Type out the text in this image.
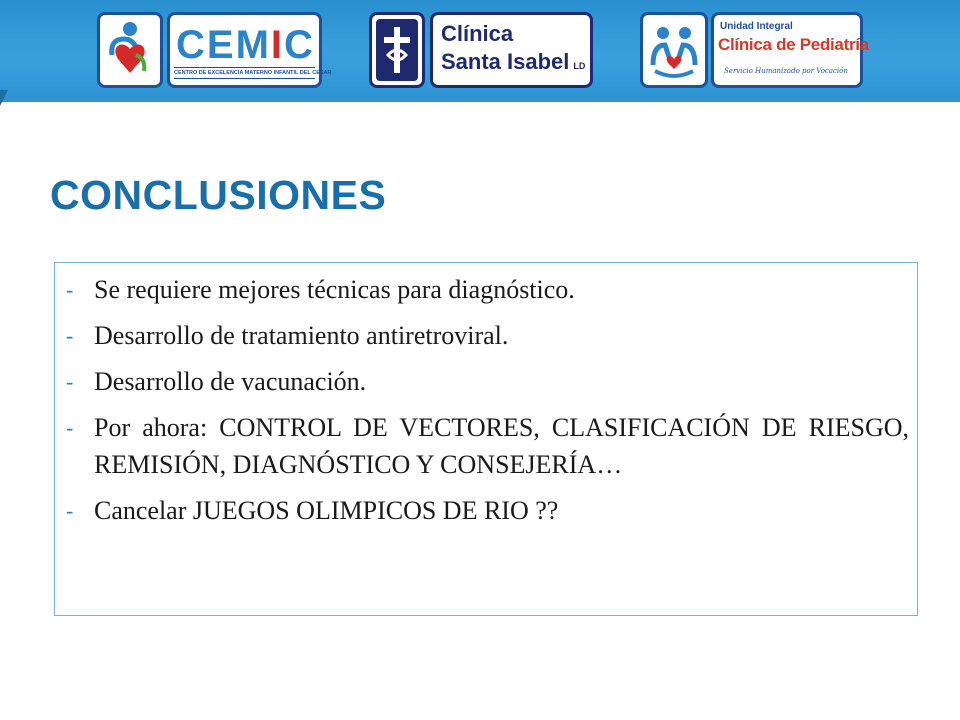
CEMIC
CENTRO DE EXCELENCIA MATERNO INFANTIL DEL CESAR
Clínica
Santa Isabel LD
Unidad Integral
Clínica de Pediatría
Servicio Humanizado por Vocación
CONCLUSIONES
- Se requiere mejores técnicas para diagnóstico.
- Desarrollo de tratamiento antiretroviral.
- Desarrollo de vacunación.
- Por ahora: CONTROL DE VECTORES, CLASIFICACIÓN DE RIESGO, REMISIÓN, DIAGNÓSTICO Y CONSEJERÍA…
- Cancelar JUEGOS OLIMPICOS DE RIO ??
